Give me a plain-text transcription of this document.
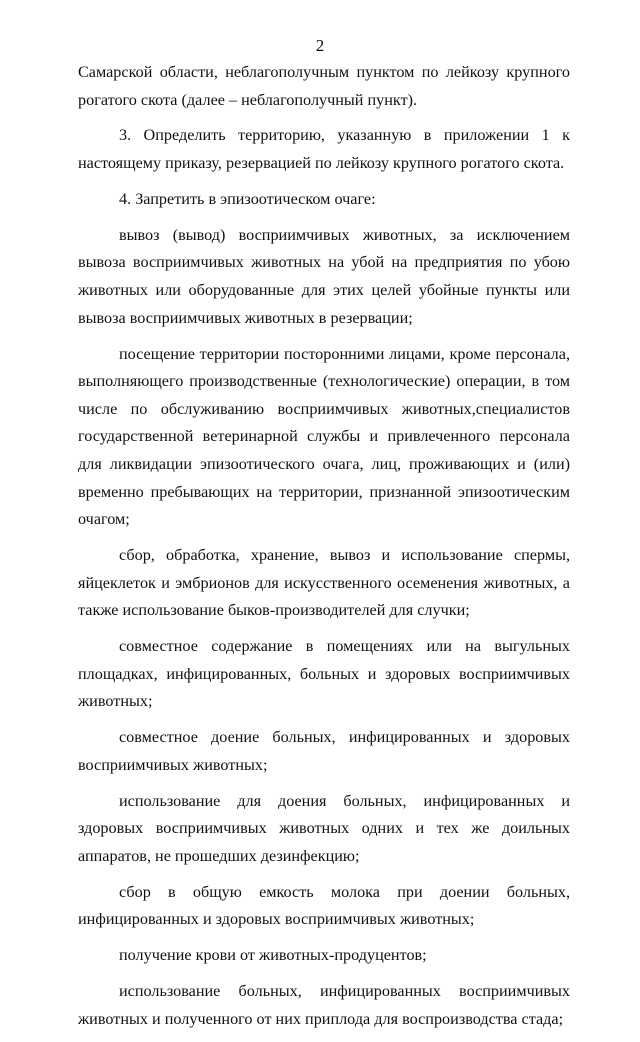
2

Самарской области, неблагополучным пунктом по лейкозу крупного рогатого скота (далее – неблагополучный пункт).

3. Определить территорию, указанную в приложении 1 к настоящему приказу, резервацией по лейкозу крупного рогатого скота.

4. Запретить в эпизоотическом очаге:

вывоз (вывод) восприимчивых животных, за исключением вывоза восприимчивых животных на убой на предприятия по убою животных или оборудованные для этих целей убойные пункты или вывоза восприимчивых животных в резервации;

посещение территории посторонними лицами, кроме персонала, выполняющего производственные (технологические) операции, в том числе по обслуживанию восприимчивых животных,специалистов государственной ветеринарной службы и привлеченного персонала для ликвидации эпизоотического очага, лиц, проживающих и (или) временно пребывающих на территории, признанной эпизоотическим очагом;

сбор, обработка, хранение, вывоз и использование спермы, яйцеклеток и эмбрионов для искусственного осеменения животных, а также использование быков-производителей для случки;

совместное содержание в помещениях или на выгульных площадках, инфицированных, больных и здоровых восприимчивых животных;

совместное доение больных, инфицированных и здоровых восприимчивых животных;

использование для доения больных, инфицированных и здоровых восприимчивых животных одних и тех же доильных аппаратов, не прошедших дезинфекцию;

сбор в общую емкость молока при доении больных, инфицированных и здоровых восприимчивых животных;

получение крови от животных-продуцентов;

использование больных, инфицированных восприимчивых животных и полученного от них приплода для воспроизводства стада;
